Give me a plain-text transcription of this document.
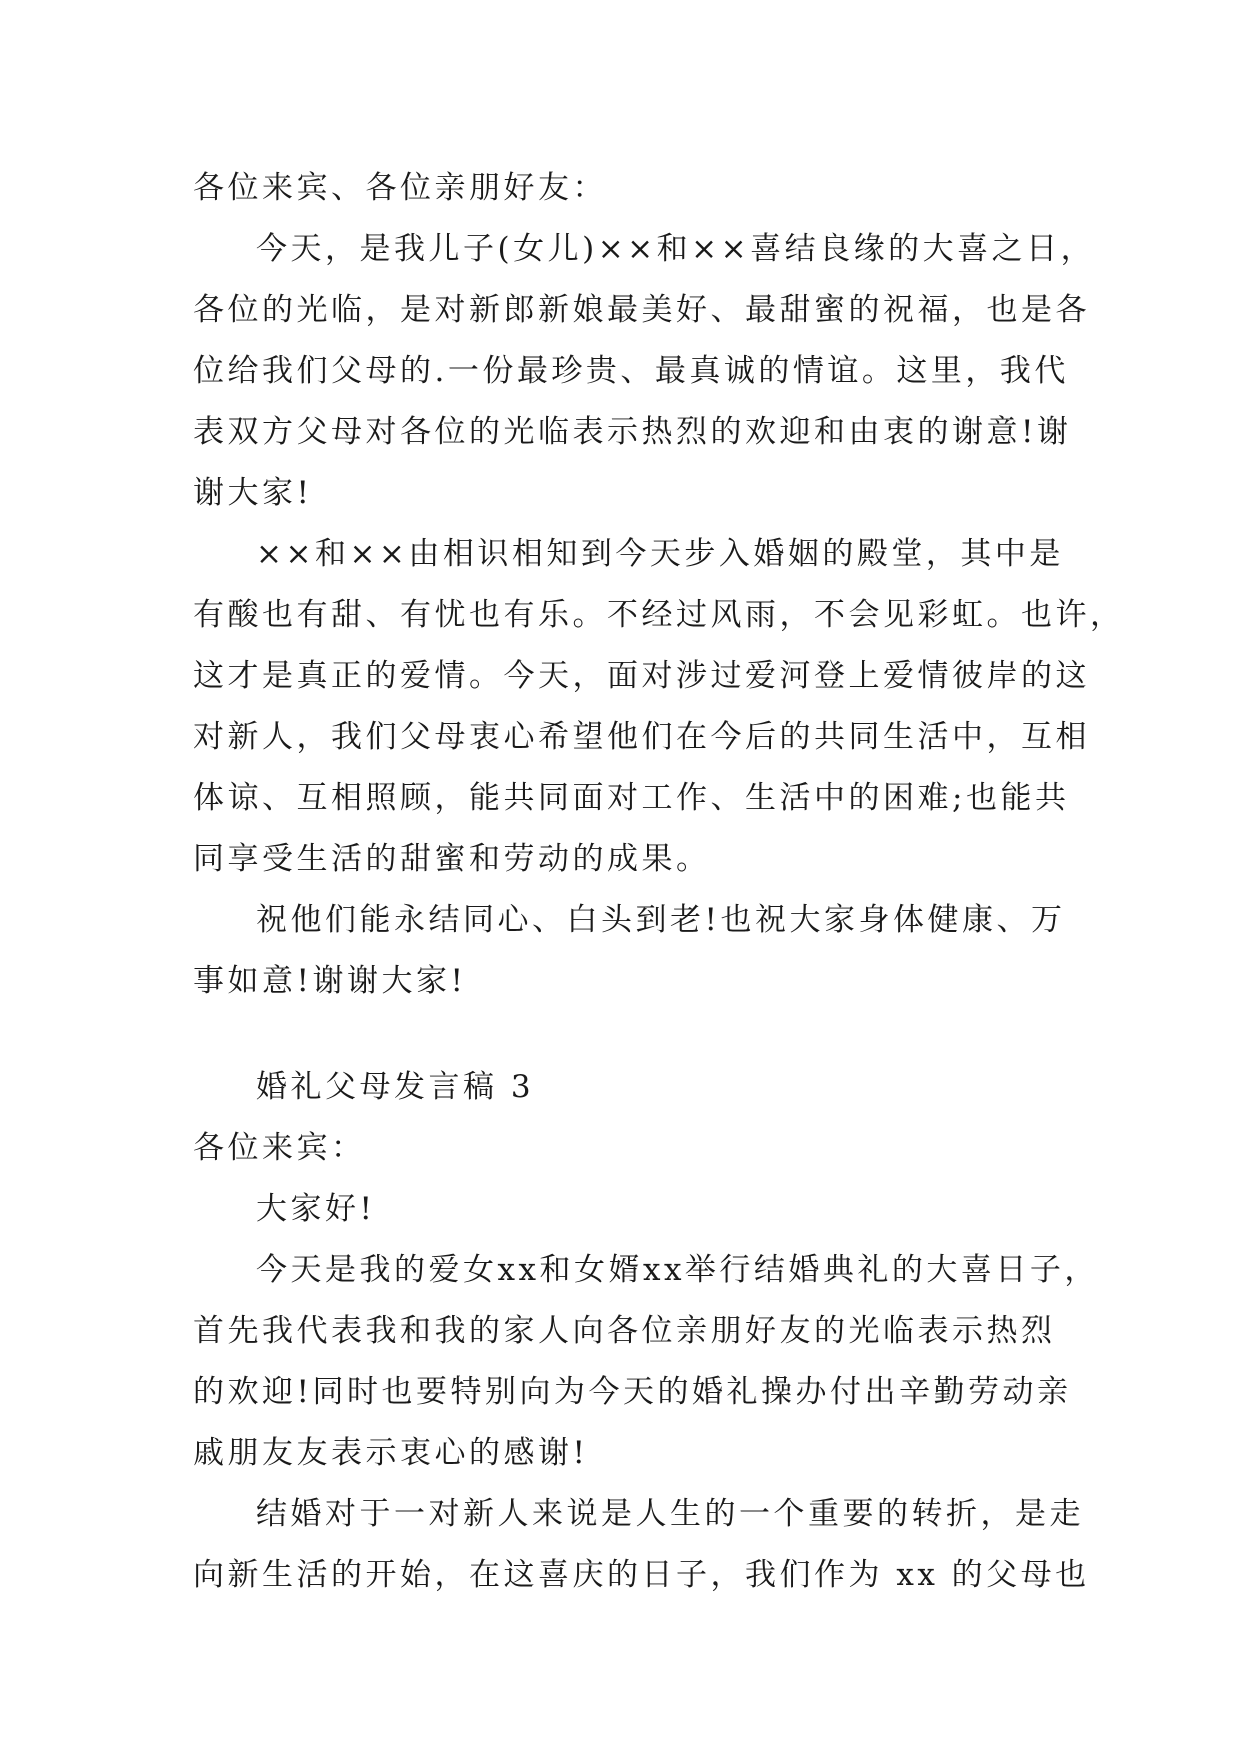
各位来宾、各位亲朋好友：
今天，是我儿子(女儿)××和××喜结良缘的大喜之日，
各位的光临，是对新郎新娘最美好、最甜蜜的祝福，也是各
位给我们父母的.一份最珍贵、最真诚的情谊。这里，我代
表双方父母对各位的光临表示热烈的欢迎和由衷的谢意!谢
谢大家!
××和××由相识相知到今天步入婚姻的殿堂，其中是
有酸也有甜、有忧也有乐。不经过风雨，不会见彩虹。也许，
这才是真正的爱情。今天，面对涉过爱河登上爱情彼岸的这
对新人，我们父母衷心希望他们在今后的共同生活中，互相
体谅、互相照顾，能共同面对工作、生活中的困难;也能共
同享受生活的甜蜜和劳动的成果。
祝他们能永结同心、白头到老!也祝大家身体健康、万
事如意!谢谢大家!
婚礼父母发言稿 3
各位来宾：
大家好!
今天是我的爱女xx和女婿xx举行结婚典礼的大喜日子，
首先我代表我和我的家人向各位亲朋好友的光临表示热烈
的欢迎!同时也要特别向为今天的婚礼操办付出辛勤劳动亲
戚朋友友表示衷心的感谢!
结婚对于一对新人来说是人生的一个重要的转折，是走
向新生活的开始，在这喜庆的日子，我们作为 xx 的父母也
